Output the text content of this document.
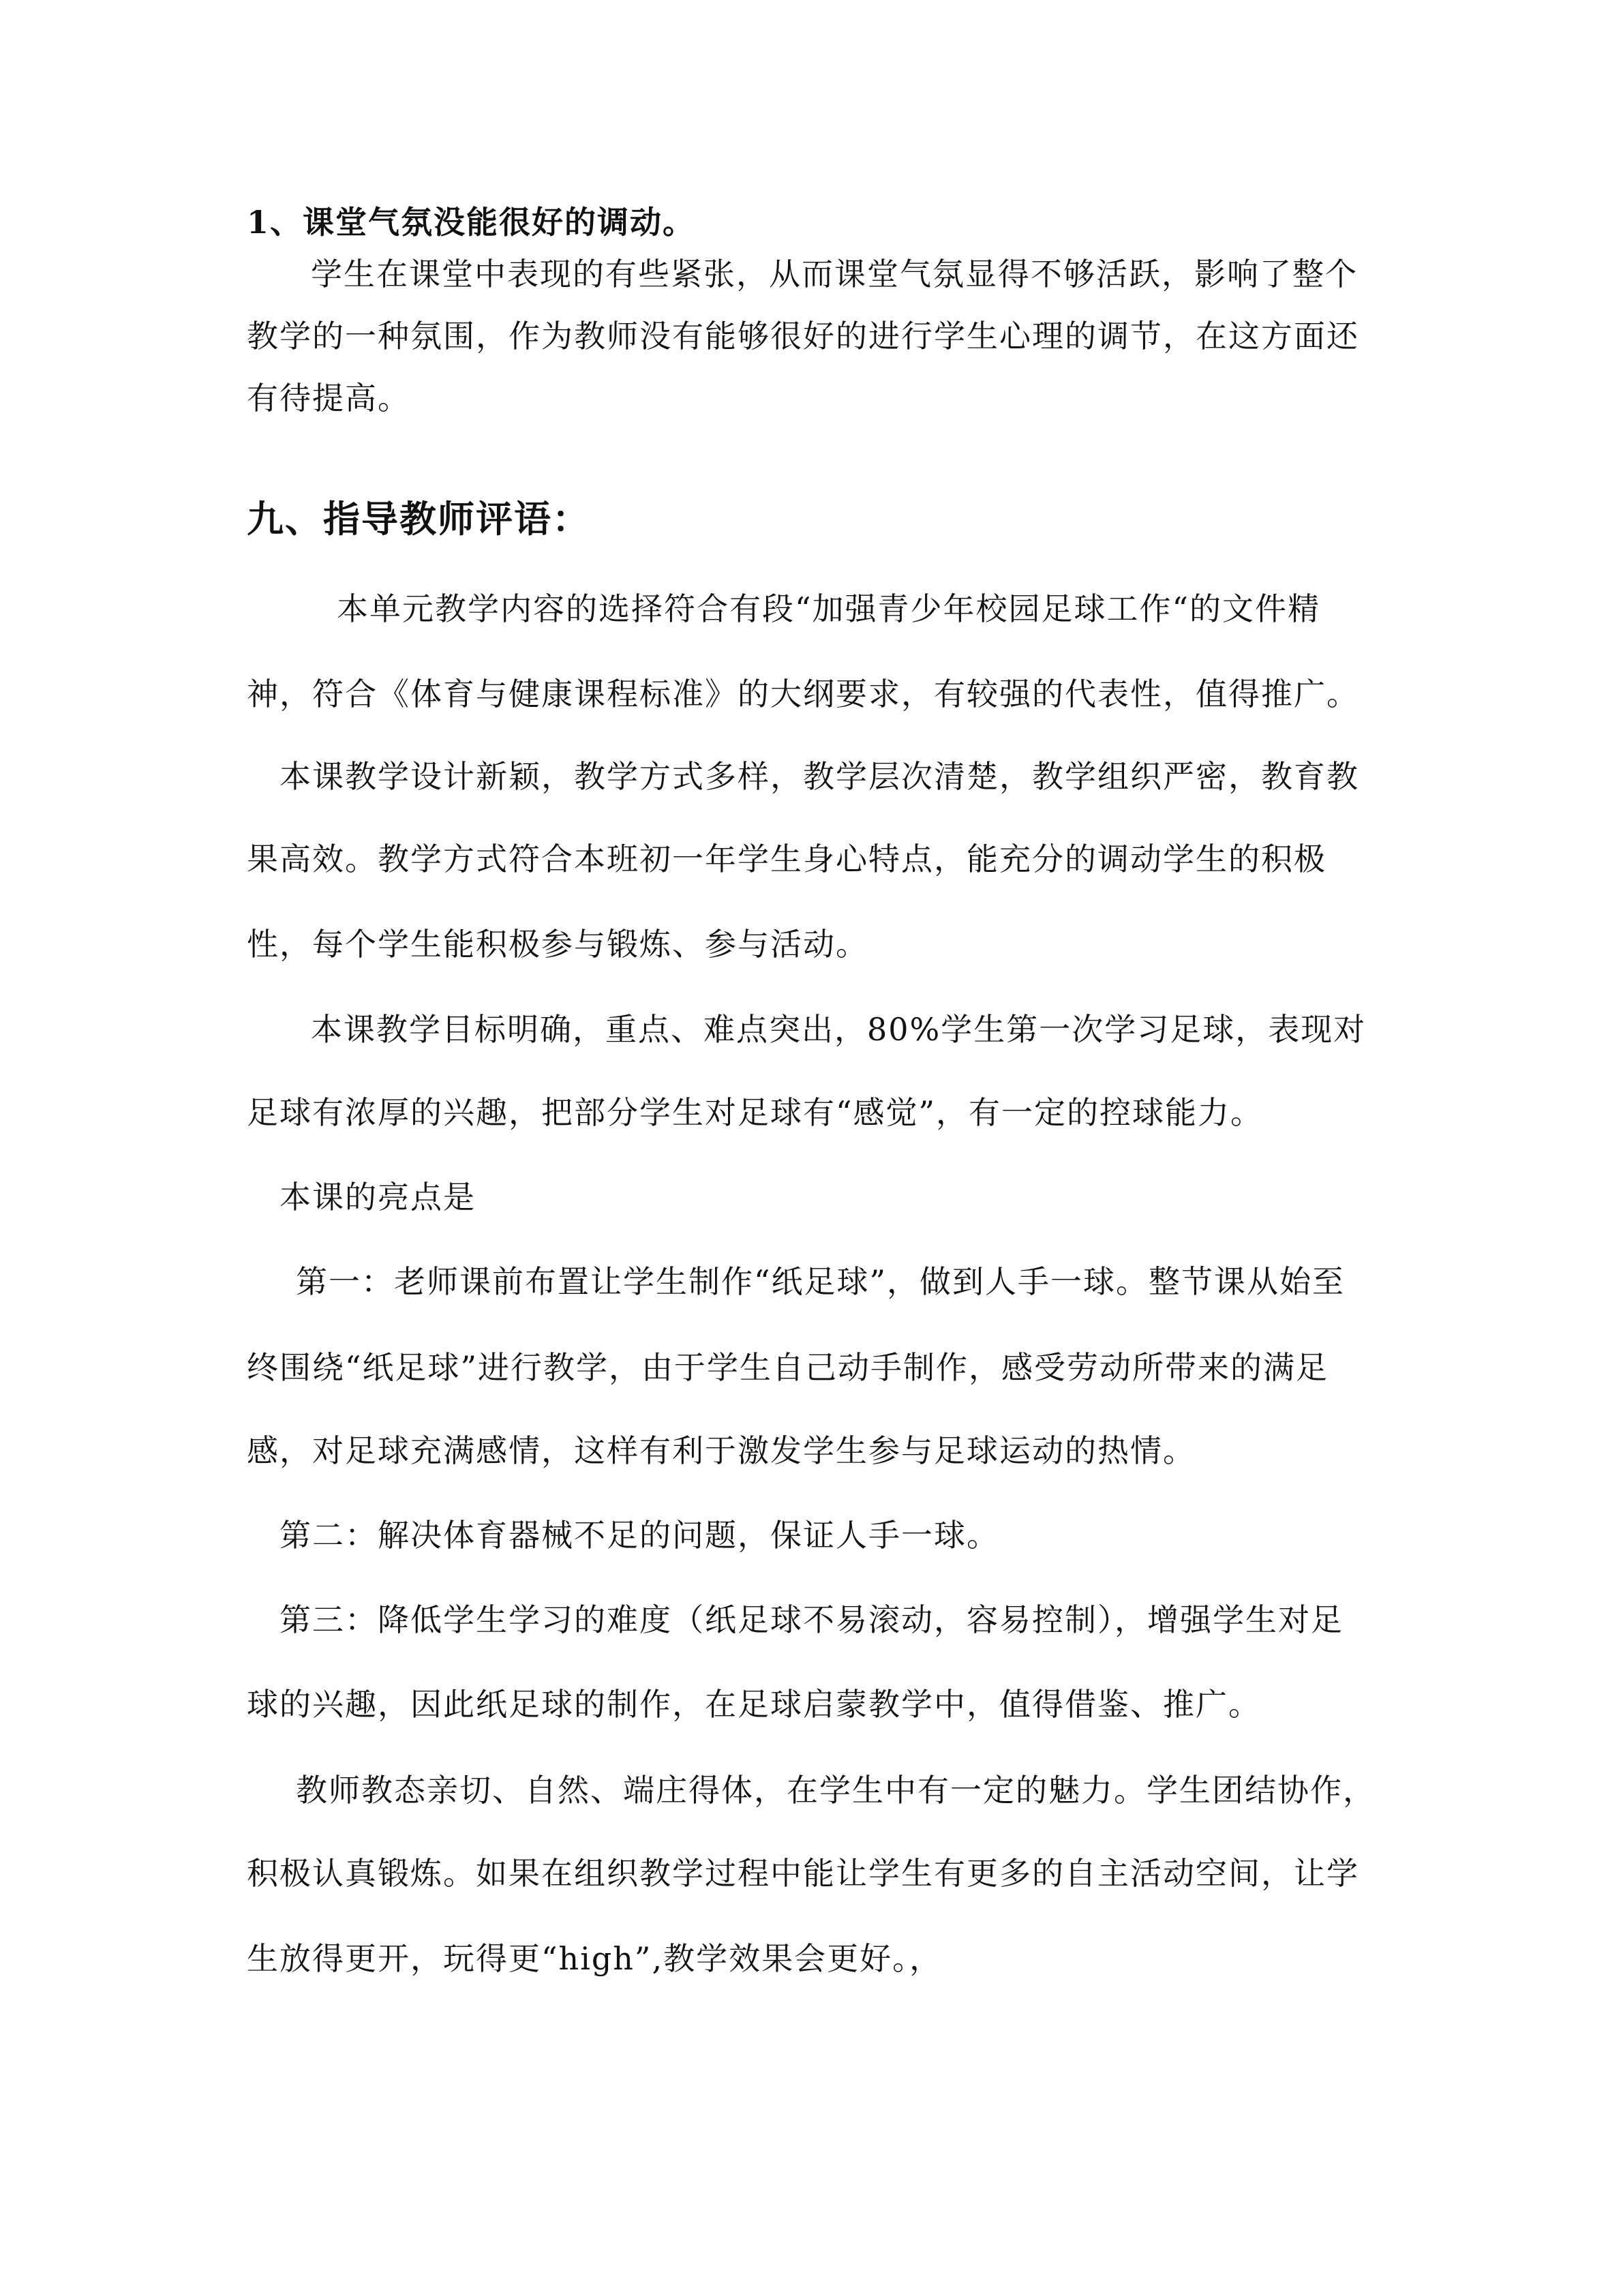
1、课堂气氛没能很好的调动。
学生在课堂中表现的有些紧张，从而课堂气氛显得不够活跃，影响了整个
教学的一种氛围，作为教师没有能够很好的进行学生心理的调节，在这方面还
有待提高。
九、指导教师评语：
本单元教学内容的选择符合有段“加强青少年校园足球工作“的文件精
神，符合《体育与健康课程标准》的大纲要求，有较强的代表性，值得推广。
本课教学设计新颖，教学方式多样，教学层次清楚，教学组织严密，教育教
果高效。教学方式符合本班初一年学生身心特点，能充分的调动学生的积极
性，每个学生能积极参与锻炼、参与活动。
本课教学目标明确，重点、难点突出，80%学生第一次学习足球，表现对
足球有浓厚的兴趣，把部分学生对足球有“感觉”，有一定的控球能力。
本课的亮点是
第一：老师课前布置让学生制作“纸足球”，做到人手一球。整节课从始至
终围绕“纸足球”进行教学，由于学生自己动手制作，感受劳动所带来的满足
感，对足球充满感情，这样有利于激发学生参与足球运动的热情。
第二：解决体育器械不足的问题，保证人手一球。
第三：降低学生学习的难度（纸足球不易滚动，容易控制），增强学生对足
球的兴趣，因此纸足球的制作，在足球启蒙教学中，值得借鉴、推广。
教师教态亲切、自然、端庄得体，在学生中有一定的魅力。学生团结协作，
积极认真锻炼。如果在组织教学过程中能让学生有更多的自主活动空间，让学
生放得更开，玩得更“high”,教学效果会更好。，
